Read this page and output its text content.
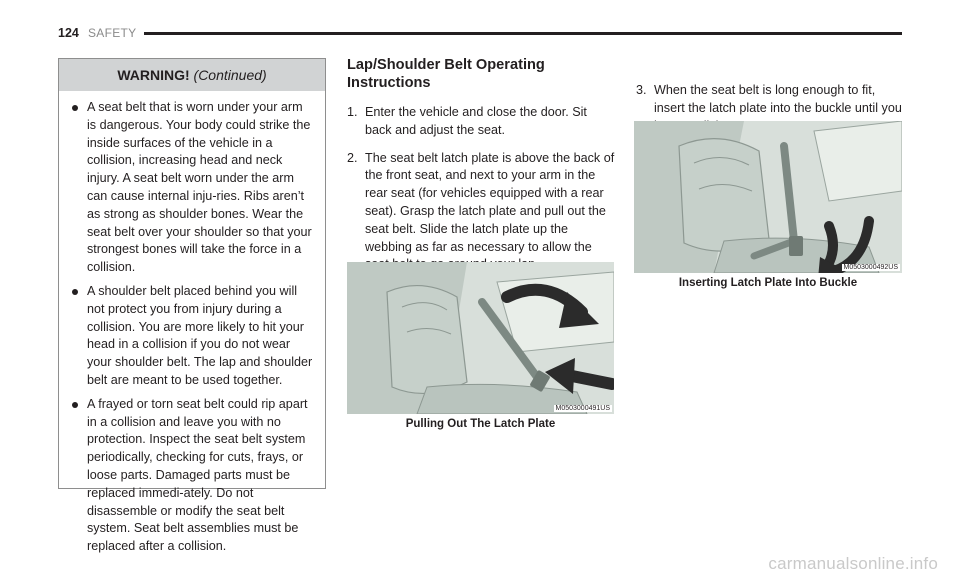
124 SAFETY
WARNING! (Continued)
A seat belt that is worn under your arm is dangerous. Your body could strike the inside surfaces of the vehicle in a collision, increasing head and neck injury. A seat belt worn under the arm can cause internal inju-ries. Ribs aren’t as strong as shoulder bones. Wear the seat belt over your shoulder so that your strongest bones will take the force in a collision.
A shoulder belt placed behind you will not protect you from injury during a collision. You are more likely to hit your head in a collision if you do not wear your shoulder belt. The lap and shoulder belt are meant to be used together.
A frayed or torn seat belt could rip apart in a collision and leave you with no protection. Inspect the seat belt system periodically, checking for cuts, frays, or loose parts. Damaged parts must be replaced immedi-ately. Do not disassemble or modify the seat belt system. Seat belt assemblies must be replaced after a collision.
Lap/Shoulder Belt Operating Instructions
1. Enter the vehicle and close the door. Sit back and adjust the seat.
2. The seat belt latch plate is above the back of the front seat, and next to your arm in the rear seat (for vehicles equipped with a rear seat). Grasp the latch plate and pull out the seat belt. Slide the latch plate up the webbing as far as necessary to allow the
3. When the seat belt is long enough to fit, insert the latch plate into the buckle until you
M0503000491US
Pulling Out The Latch Plate
M0503000492US
Inserting Latch Plate Into Buckle
carmanualsonline.info
